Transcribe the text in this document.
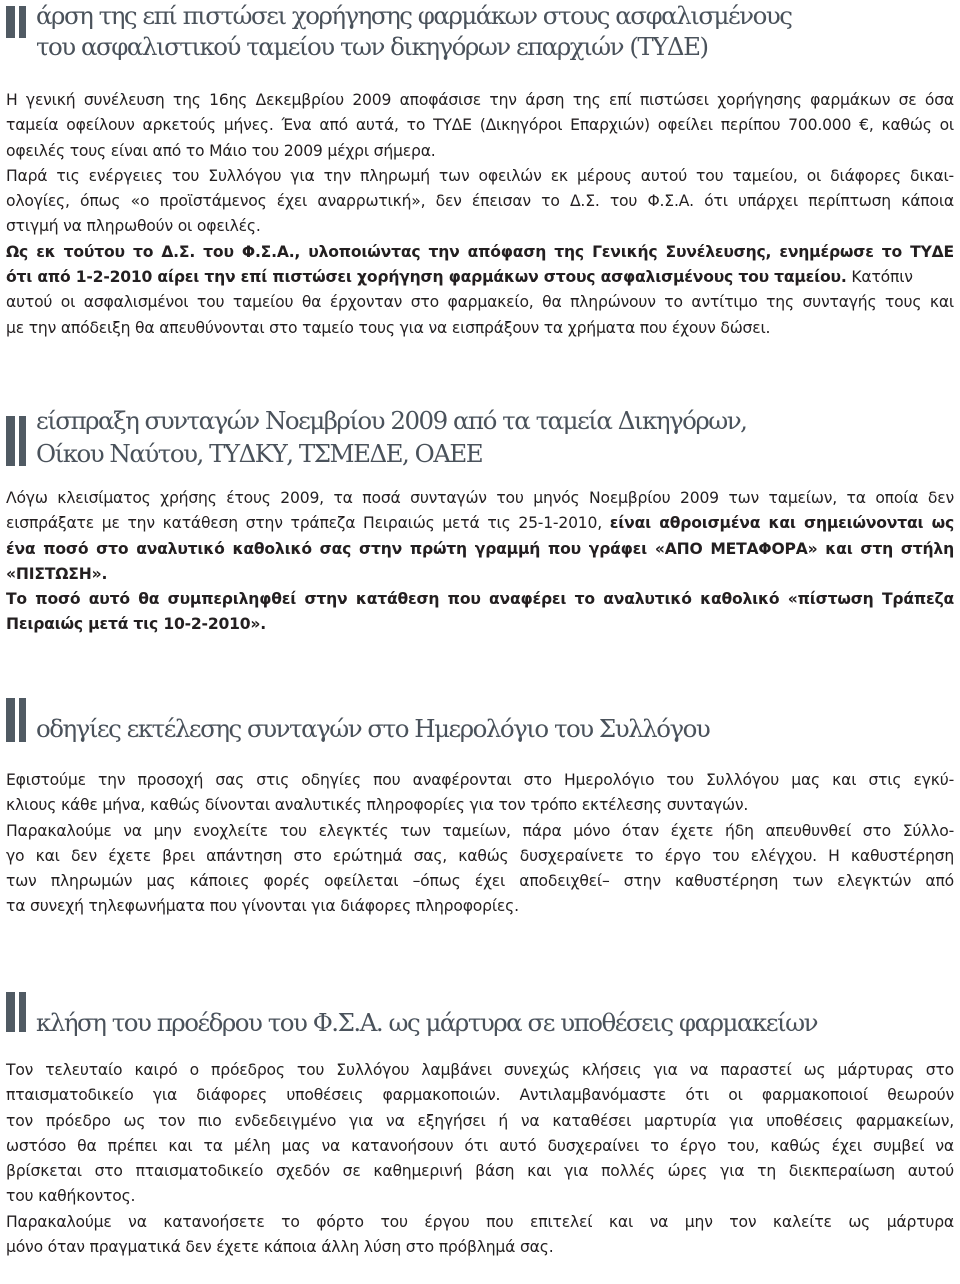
άρση της επί πιστώσει χορήγησης φαρμάκων στους ασφαλισμένους
του ασφαλιστικού ταμείου των δικηγόρων επαρχιών (ΤΥΔΕ)
Η γενική συνέλευση της 16ης Δεκεμβρίου 2009 αποφάσισε την άρση της επί πιστώσει χορήγησης φαρμάκων σε όσα
ταμεία οφείλουν αρκετούς μήνες. Ένα από αυτά, το ΤΥΔΕ (Δικηγόροι Επαρχιών) οφείλει περίπου 700.000 €, καθώς οι
οφειλές τους είναι από το Μάιο του 2009 μέχρι σήμερα.
Παρά τις ενέργειες του Συλλόγου για την πληρωμή των οφειλών εκ μέρους αυτού του ταμείου, οι διάφορες δικαι-
ολογίες, όπως «ο προϊστάμενος έχει αναρρωτική», δεν έπεισαν το Δ.Σ. του Φ.Σ.Α. ότι υπάρχει περίπτωση κάποια
στιγμή να πληρωθούν οι οφειλές.
Ως εκ τούτου το Δ.Σ. του Φ.Σ.Α., υλοποιώντας την απόφαση της Γενικής Συνέλευσης, ενημέρωσε το ΤΥΔΕ
ότι από 1-2-2010 αίρει την επί πιστώσει χορήγηση φαρμάκων στους ασφαλισμένους του ταμείου. Κατόπιν
αυτού οι ασφαλισμένοι του ταμείου θα έρχονταν στο φαρμακείο, θα πληρώνουν το αντίτιμο της συνταγής τους και
με την απόδειξη θα απευθύνονται στο ταμείο τους για να εισπράξουν τα χρήματα που έχουν δώσει.
είσπραξη συνταγών Νοεμβρίου 2009 από τα ταμεία Δικηγόρων,
Οίκου Ναύτου, ΤΥΔΚΥ, ΤΣΜΕΔΕ, ΟΑΕΕ
Λόγω κλεισίματος χρήσης έτους 2009, τα ποσά συνταγών του μηνός Νοεμβρίου 2009 των ταμείων, τα οποία δεν
εισπράξατε με την κατάθεση στην τράπεζα Πειραιώς μετά τις 25-1-2010, είναι αθροισμένα και σημειώνονται ως
ένα ποσό στο αναλυτικό καθολικό σας στην πρώτη γραμμή που γράφει «ΑΠΟ ΜΕΤΑΦΟΡΑ» και στη στήλη
«ΠΙΣΤΩΣΗ».
Το ποσό αυτό θα συμπεριληφθεί στην κατάθεση που αναφέρει το αναλυτικό καθολικό «πίστωση Τράπεζα
Πειραιώς μετά τις 10-2-2010».
οδηγίες εκτέλεσης συνταγών στο Ημερολόγιο του Συλλόγου
Εφιστούμε την προσοχή σας στις οδηγίες που αναφέρονται στο Ημερολόγιο του Συλλόγου μας και στις εγκύ-
κλιους κάθε μήνα, καθώς δίνονται αναλυτικές πληροφορίες για τον τρόπο εκτέλεσης συνταγών.
Παρακαλούμε να μην ενοχλείτε του ελεγκτές των ταμείων, πάρα μόνο όταν έχετε ήδη απευθυνθεί στο Σύλλο-
γο και δεν έχετε βρει απάντηση στο ερώτημά σας, καθώς δυσχεραίνετε το έργο του ελέγχου. Η καθυστέρηση
των πληρωμών μας κάποιες φορές οφείλεται –όπως έχει αποδειχθεί– στην καθυστέρηση των ελεγκτών από
τα συνεχή τηλεφωνήματα που γίνονται για διάφορες πληροφορίες.
κλήση του προέδρου του Φ.Σ.Α. ως μάρτυρα σε υποθέσεις φαρμακείων
Τον τελευταίο καιρό ο πρόεδρος του Συλλόγου λαμβάνει συνεχώς κλήσεις για να παραστεί ως μάρτυρας στο
πταισματοδικείο για διάφορες υποθέσεις φαρμακοποιών. Αντιλαμβανόμαστε ότι οι φαρμακοποιοί θεωρούν
τον πρόεδρο ως τον πιο ενδεδειγμένο για να εξηγήσει ή να καταθέσει μαρτυρία για υποθέσεις φαρμακείων,
ωστόσο θα πρέπει και τα μέλη μας να κατανοήσουν ότι αυτό δυσχεραίνει το έργο του, καθώς έχει συμβεί να
βρίσκεται στο πταισματοδικείο σχεδόν σε καθημερινή βάση και για πολλές ώρες για τη διεκπεραίωση αυτού
του καθήκοντος.
Παρακαλούμε να κατανοήσετε το φόρτο του έργου που επιτελεί και να μην τον καλείτε ως μάρτυρα
μόνο όταν πραγματικά δεν έχετε κάποια άλλη λύση στο πρόβλημά σας.
